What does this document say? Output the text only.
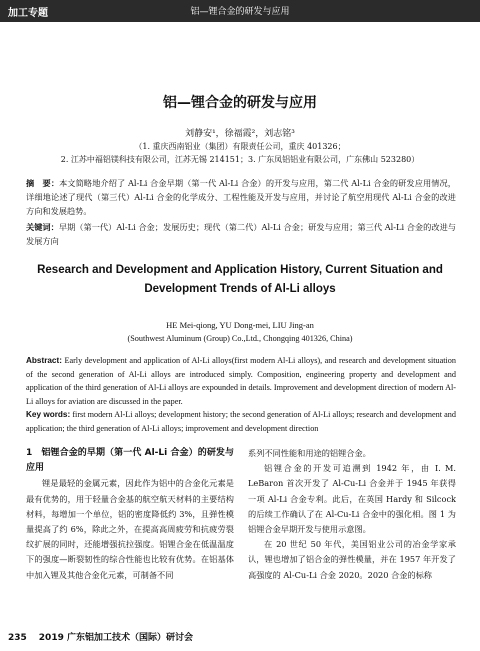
加工专题	铝—锂合金的研发与应用
铝—锂合金的研发与应用
刘静安¹，徐福霞²，刘志铭³
（1. 重庆西南铝业（集团）有限责任公司，重庆 401326；
2. 江苏中福铝镁科技有限公司，江苏无锡 214151；3. 广东凤铝铝业有限公司，广东佛山 523280）
摘　要：本文简略地介绍了 Al-Li 合金早期（第一代 Al-Li 合金）的开发与应用，第二代 Al-Li 合金的研发应用情况，详细地论述了现代（第三代）Al-Li 合金的化学成分、工程性能及开发与应用，并讨论了航空用现代 Al-Li 合金的改进方向和发展趋势。
关键词：早期（第一代）Al-Li 合金；发展历史；现代（第二代）Al-Li 合金；研发与应用；第三代 Al-Li 合金的改进与发展方向
Research and Development and Application History, Current Situation and
Development Trends of Al-Li alloys
HE Mei-qiong, YU Dong-mei, LIU Jing-an
(Southwest Aluminum (Group) Co.,Ltd., Chongqing 401326, China)
Abstract: Early development and application of Al-Li alloys(first modern Al-Li alloys), and research and development situation of the second generation of Al-Li alloys are introduced simply. Composition, engineering property and development and application of the third generation of Al-Li alloys are expounded in details. Improvement and development direction of modern Al-Li alloys for aviation are discussed in the paper.
Key words: first modern Al-Li alloys; development history; the second generation of Al-Li alloys; research and development and application; the third generation of Al-Li alloys; improvement and development direction
1　铝锂合金的早期（第一代 Al-Li 合金）的研发与应用

锂是最轻的金属元素，因此作为铝中的合金化元素是最有优势的，用于轻量合金基的航空航天材料的主要结构材料，每增加一个单位，铝的密度降低约 3%，且弹性模量提高了约 6%，除此之外，在提高高周疲劳和抗疲劳裂纹扩展的同时，还能增强抗拉强度。铝锂合金在低温温度下的强度—断裂韧性的综合性能也比较有优势。在铝基体中加入锂及其他合金化元素，可制备不同

系列不同性能和用途的铝锂合金。

铝锂合金的开发可追溯到 1942 年，由 I. M. LeBaron 首次开发了 Al-Cu-Li 合金并于 1945 年获得一项 Al-Li 合金专利。此后，在英国 Hardy 和 Silcock 的后续工作确认了在 Al-Cu-Li 合金中的强化相。图 1 为铝锂合金早期开发与使用示意图。

在 20 世纪 50 年代，美国铝业公司的冶金学家承认，锂也增加了铝合金的弹性模量，并在 1957 年开发了高强度的 Al-Cu-Li 合金 2020。2020 合金的标称

235 2019 广东铝加工技术（国际）研讨会
